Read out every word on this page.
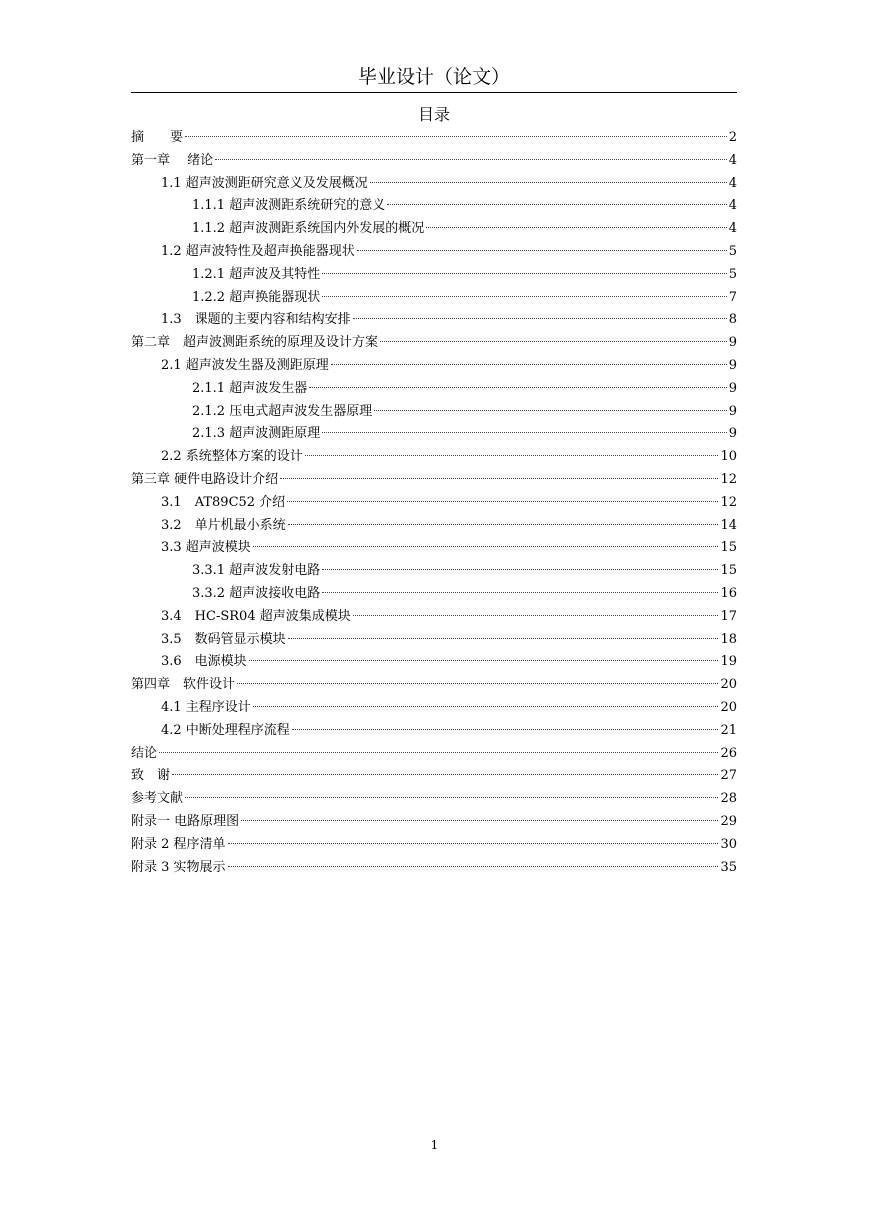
毕业设计（论文）
目录
摘　　要	2
第一章　 绪论	4
1.1 超声波测距研究意义及发展概况	4
1.1.1 超声波测距系统研究的意义	4
1.1.2 超声波测距系统国内外发展的概况	4
1.2 超声波特性及超声换能器现状	5
1.2.1 超声波及其特性	5
1.2.2 超声换能器现状	7
1.3　课题的主要内容和结构安排	8
第二章　超声波测距系统的原理及设计方案	9
2.1 超声波发生器及测距原理	9
2.1.1 超声波发生器	9
2.1.2 压电式超声波发生器原理	9
2.1.3 超声波测距原理	9
2.2 系统整体方案的设计	10
第三章 硬件电路设计介绍	12
3.1　AT89C52 介绍	12
3.2　单片机最小系统	14
3.3 超声波模块	15
3.3.1 超声波发射电路	15
3.3.2 超声波接收电路	16
3.4　HC-SR04 超声波集成模块	17
3.5　数码管显示模块	18
3.6　电源模块	19
第四章　软件设计	20
4.1 主程序设计	20
4.2 中断处理程序流程	21
结论	26
致　谢	27
参考文献	28
附录一 电路原理图	29
附录 2 程序清单	30
附录 3 实物展示	35
1
